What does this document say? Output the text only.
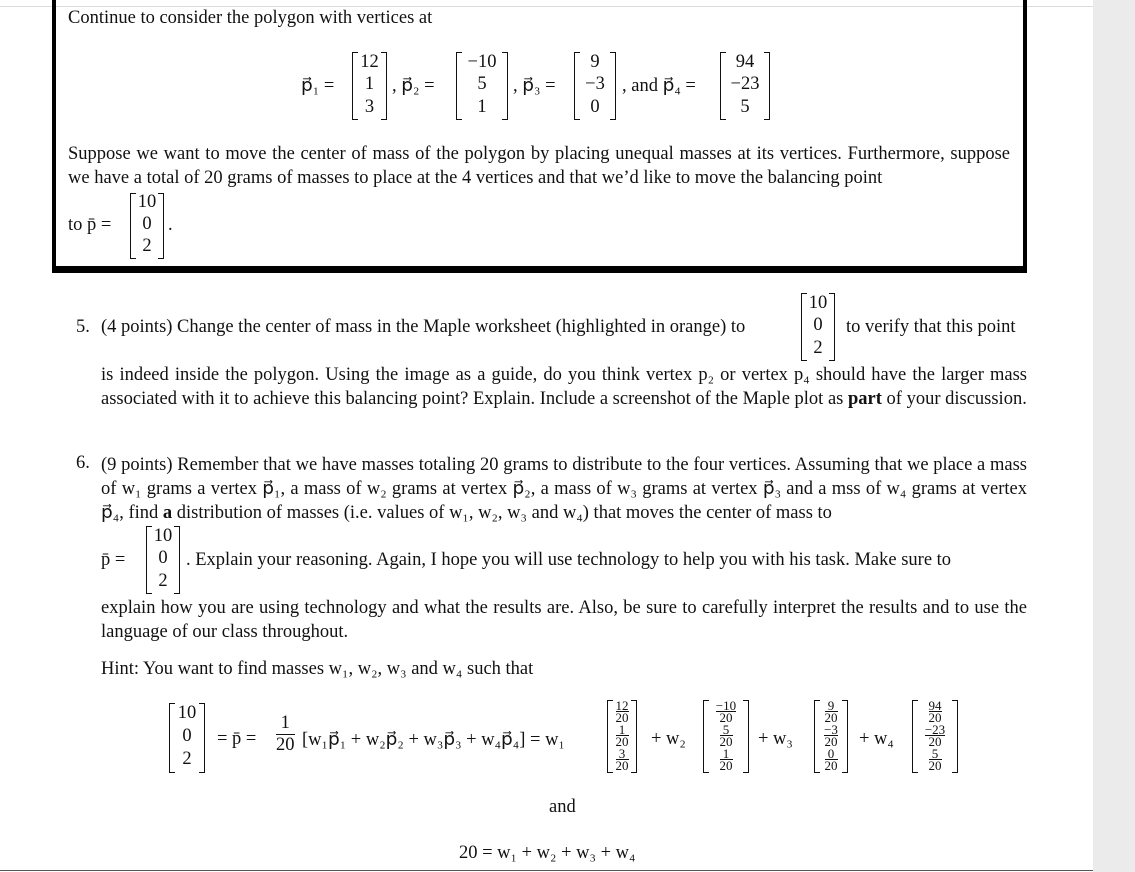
Continue to consider the polygon with vertices at
p⃗₁ =
12
1
3
, p⃗₂ =
−10
5
1
, p⃗₃ =
9
−3
0
, and p⃗₄ =
94
−23
5
Suppose we want to move the center of mass of the polygon by placing unequal masses at its vertices. Furthermore, suppose we have a total of 20 grams of masses to place at the 4 vertices and that we’d like to move the balancing point
to p̄ =
10
0
2
.
5. (4 points) Change the center of mass in the Maple worksheet (highlighted in orange) to
10
0
2
to verify that this point

is indeed inside the polygon. Using the image as a guide, do you think vertex p₂ or vertex p₄ should have the larger mass associated with it to achieve this balancing point? Explain. Include a screenshot of the Maple plot as part of your discussion.

6. (9 points) Remember that we have masses totaling 20 grams to distribute to the four vertices. Assuming that we place a mass of w₁ grams a vertex p⃗₁, a mass of w₂ grams at vertex p⃗₂, a mass of w₃ grams at vertex p⃗₃ and a mss of w₄ grams at vertex p⃗₄, find a distribution of masses (i.e. values of w₁, w₂, w₃ and w₄) that moves the center of mass to

p̄ =
10
0
2
. Explain your reasoning. Again, I hope you will use technology to help you with his task. Make sure to
explain how you are using technology and what the results are. Also, be sure to carefully interpret the results and to use the language of our class throughout.
Hint: You want to find masses w₁, w₂, w₃ and w₄ such that
10
0
2
= p̄ = $\frac{1}{20}$ [w₁p⃗₁ + w₂p⃗₂ + w₃p⃗₃ + w₄p⃗₄] = w₁
$\frac{12}{20}$
$\frac{1}{20}$
$\frac{3}{20}$
+ w₂
$\frac{-10}{20}$
$\frac{5}{20}$
$\frac{1}{20}$
+ w₃
$\frac{9}{20}$
$\frac{-3}{20}$
$\frac{0}{20}$
+ w₄
$\frac{94}{20}$
$\frac{-23}{20}$
$\frac{5}{20}$
and
20 = w₁ + w₂ + w₃ + w₄
